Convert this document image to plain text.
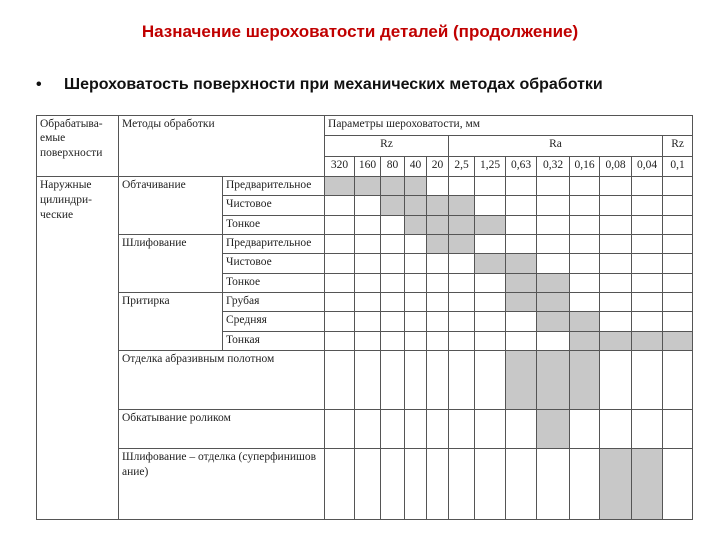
Назначение шероховатости деталей (продолжение)
• Шероховатость поверхности при механических методах обработки
Обрабатыва-емые поверхности	Методы обработки		Параметры шероховатости, мм												
			Rz					Ra							Rz
			320	160	80	40	20	2,5	1,25	0,63	0,32	0,16	0,08	0,04	0,1
Наружные цилиндри-ческие	Обтачивание	Предварительное													
		Чистовое													
		Тонкое													
	Шлифование	Предварительное													
		Чистовое													
		Тонкое													
	Притирка	Грубая													
		Средняя													
		Тонкая													
	Отделка абразивным полотном														
	Обкатывание роликом														
	Шлифование – отделка (суперфинишов ание)														
